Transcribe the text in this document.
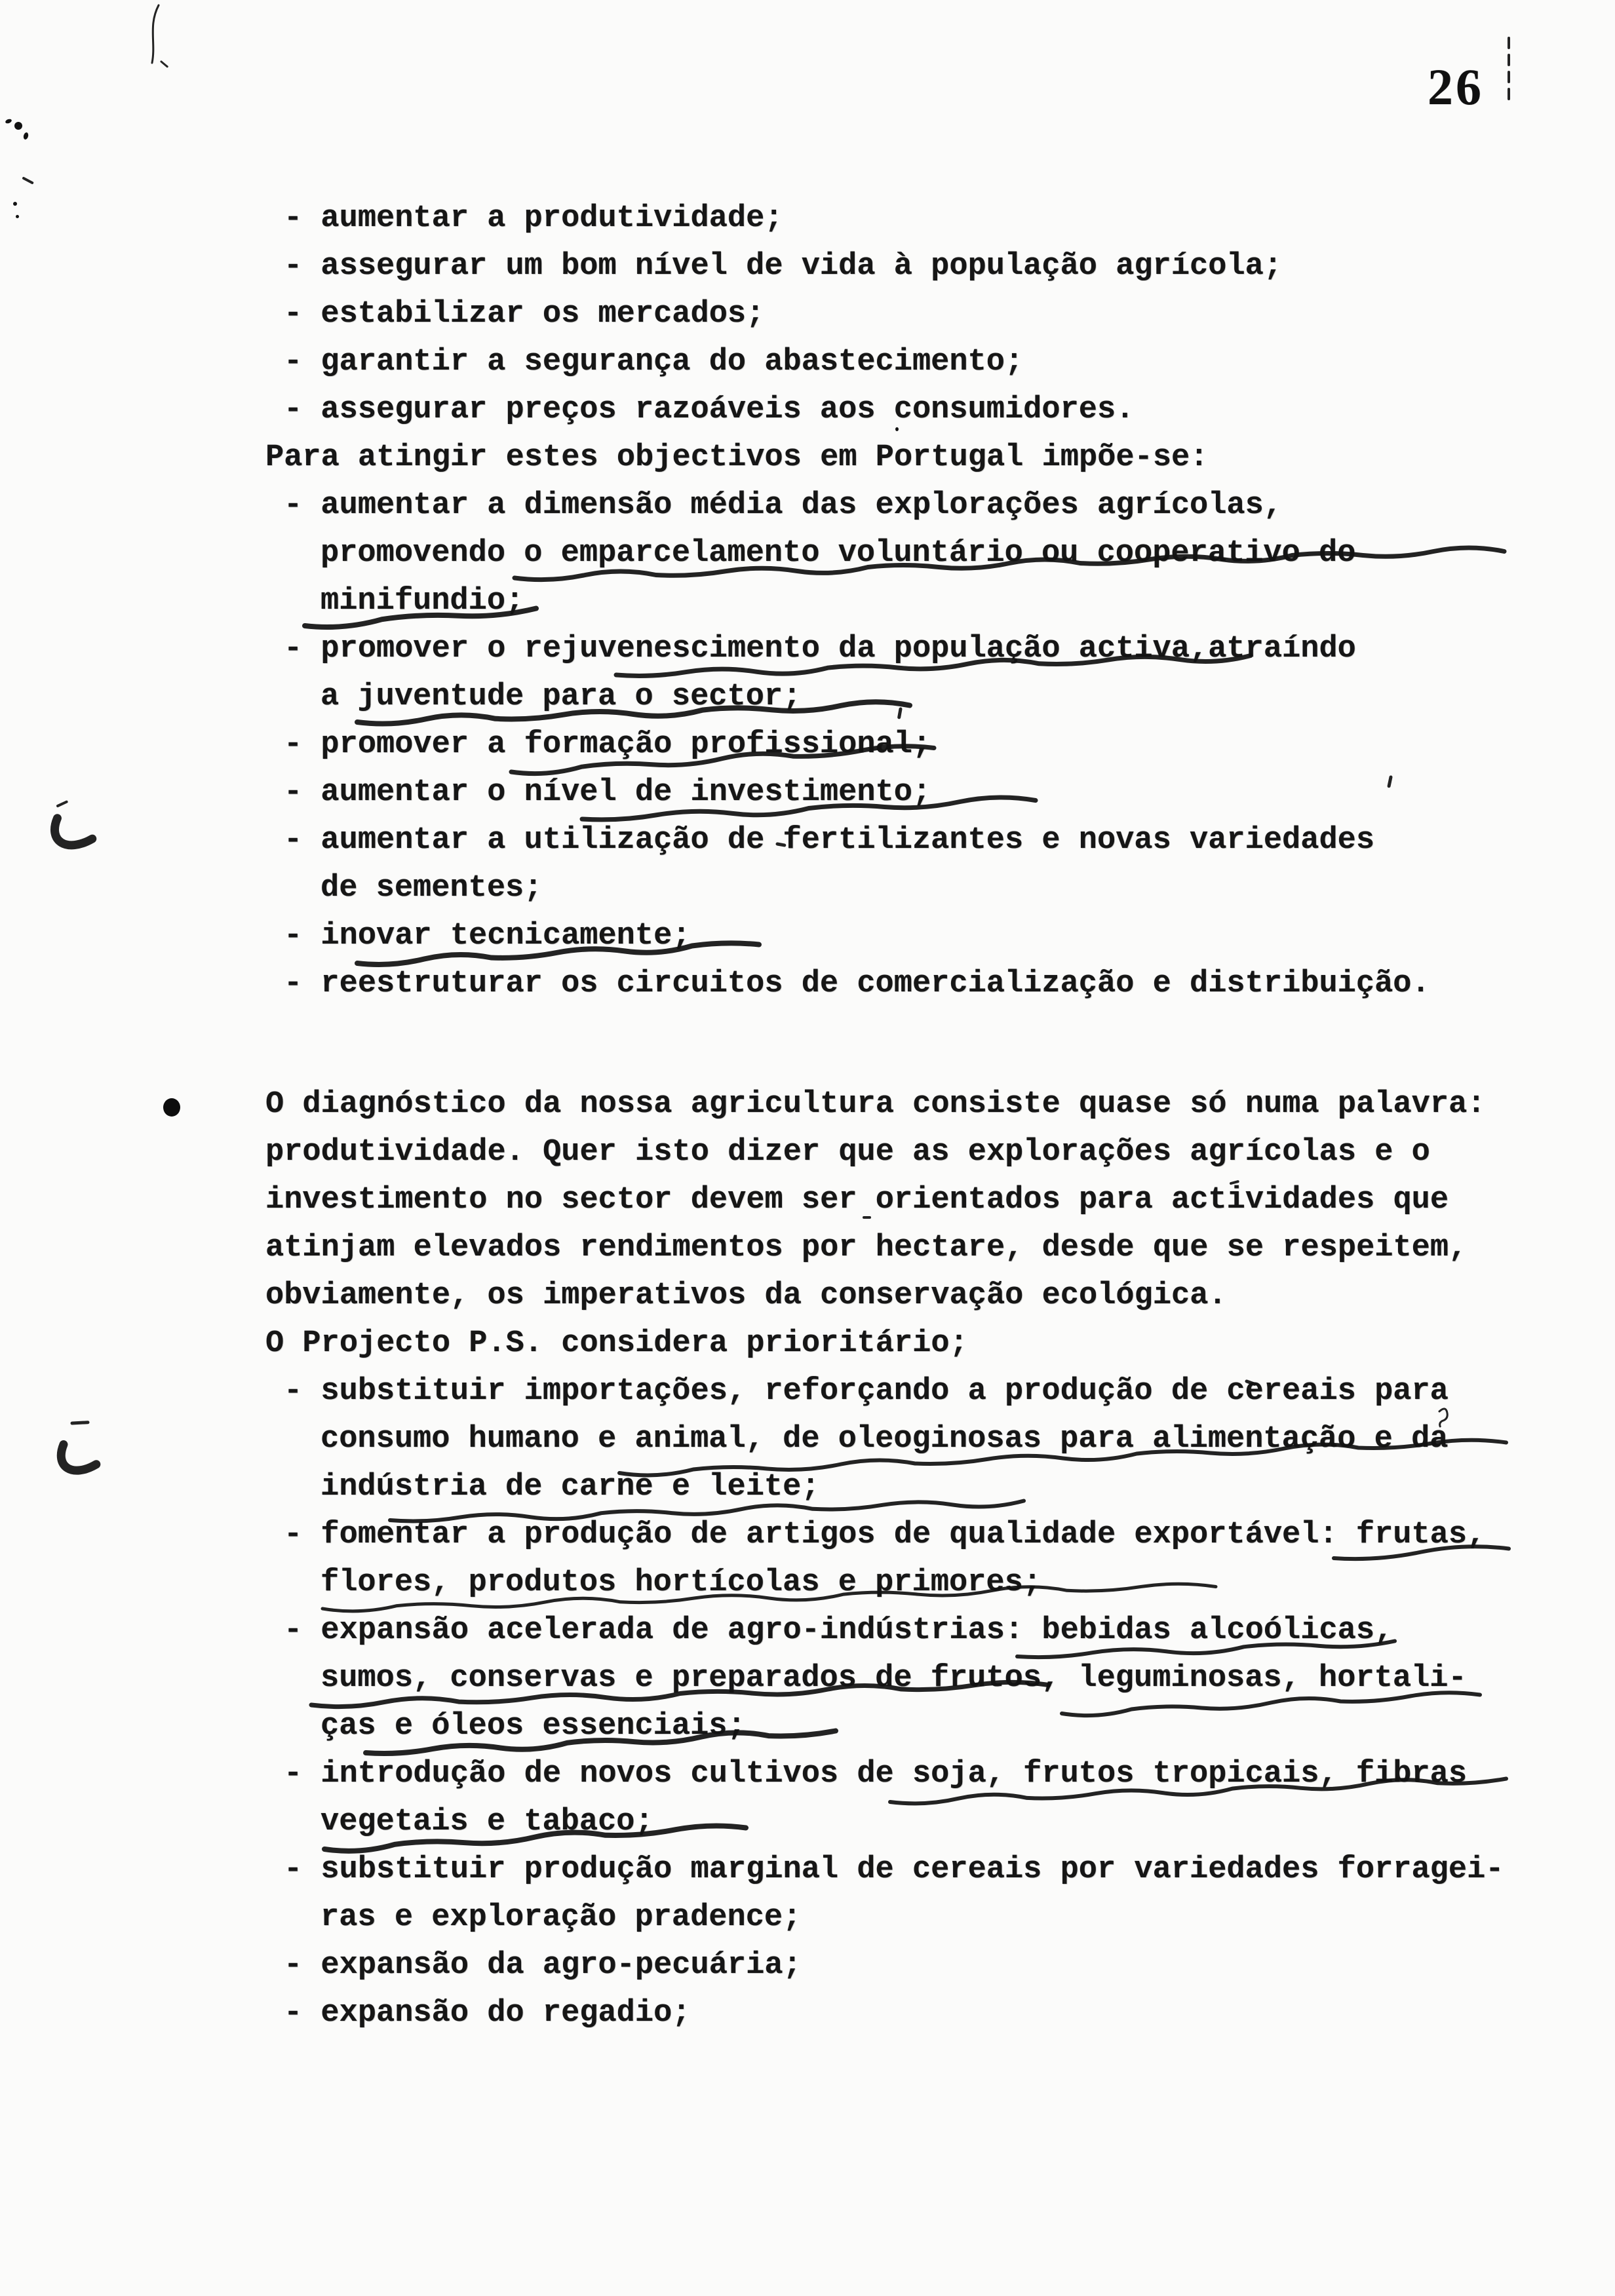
26
- aumentar a produtividade;
- assegurar um bom nível de vida à população agrícola;
- estabilizar os mercados;
- garantir a segurança do abastecimento;
- assegurar preços razoáveis aos consumidores.
Para atingir estes objectivos em Portugal impõe-se:
- aumentar a dimensão média das explorações agrícolas,
promovendo o emparcelamento voluntário ou cooperativo do
minifundio;
- promover o rejuvenescimento da população activa,atraíndo
a juventude para o sector;
- promover a formação profissional;
- aumentar o nível de investimento;
- aumentar a utilização de fertilizantes e novas variedades
de sementes;
- inovar tecnicamente;
- reestruturar os circuitos de comercialização e distribuição.
O diagnóstico da nossa agricultura consiste quase só numa palavra:
produtividade. Quer isto dizer que as explorações agrícolas e o
investimento no sector devem ser orientados para actividades que
atinjam elevados rendimentos por hectare, desde que se respeitem,
obviamente, os imperativos da conservação ecológica.
O Projecto P.S. considera prioritário;
- substituir importações, reforçando a produção de cereais para
consumo humano e animal, de oleoginosas para alimentação e da
indústria de carne e leite;
- fomentar a produção de artigos de qualidade exportável: frutas,
flores, produtos hortícolas e primores;
- expansão acelerada de agro-indústrias: bebidas alcoólicas,
sumos, conservas e preparados de frutos, leguminosas, hortali-
ças e óleos essenciais;
- introdução de novos cultivos de soja, frutos tropicais, fibras
vegetais e tabaco;
- substituir produção marginal de cereais por variedades forragei-
ras e exploração pradence;
- expansão da agro-pecuária;
- expansão do regadio;
